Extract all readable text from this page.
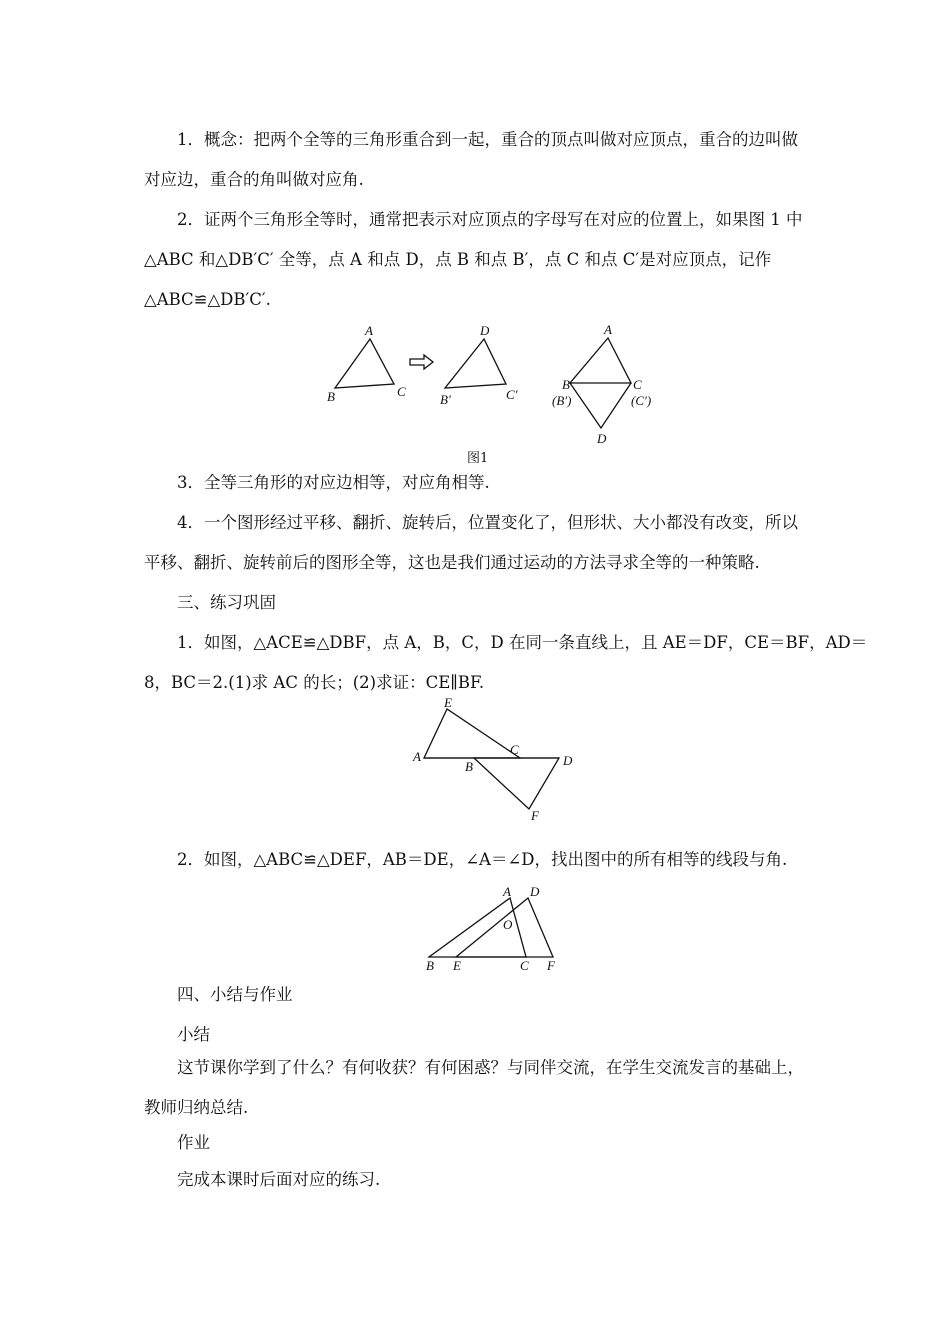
1．概念：把两个全等的三角形重合到一起，重合的顶点叫做对应顶点，重合的边叫做
对应边，重合的角叫做对应角.
2．证两个三角形全等时，通常把表示对应顶点的字母写在对应的位置上，如果图 1 中
△ABC 和△DB′C′ 全等，点 A 和点 D，点 B 和点 B′，点 C 和点 C′是对应顶点，记作
△ABC≌△DB′C′.
A
B	C
D
B′	C′
A
B	C
(B′)	(C′)
D
图1
3．全等三角形的对应边相等，对应角相等.
4．一个图形经过平移、翻折、旋转后，位置变化了，但形状、大小都没有改变，所以
平移、翻折、旋转前后的图形全等，这也是我们通过运动的方法寻求全等的一种策略.
三、练习巩固
1．如图，△ACE≌△DBF，点 A，B，C，D 在同一条直线上，且 AE＝DF，CE＝BF，AD＝
8，BC＝2.(1)求 AC 的长；(2)求证：CE∥BF.
E
A
B
C
D
F
2．如图，△ABC≌△DEF，AB＝DE，∠A＝∠D，找出图中的所有相等的线段与角.
A D
O
B E	C F
四、小结与作业
小结
这节课你学到了什么？有何收获？有何困惑？与同伴交流，在学生交流发言的基础上，
教师归纳总结.
作业
完成本课时后面对应的练习.
